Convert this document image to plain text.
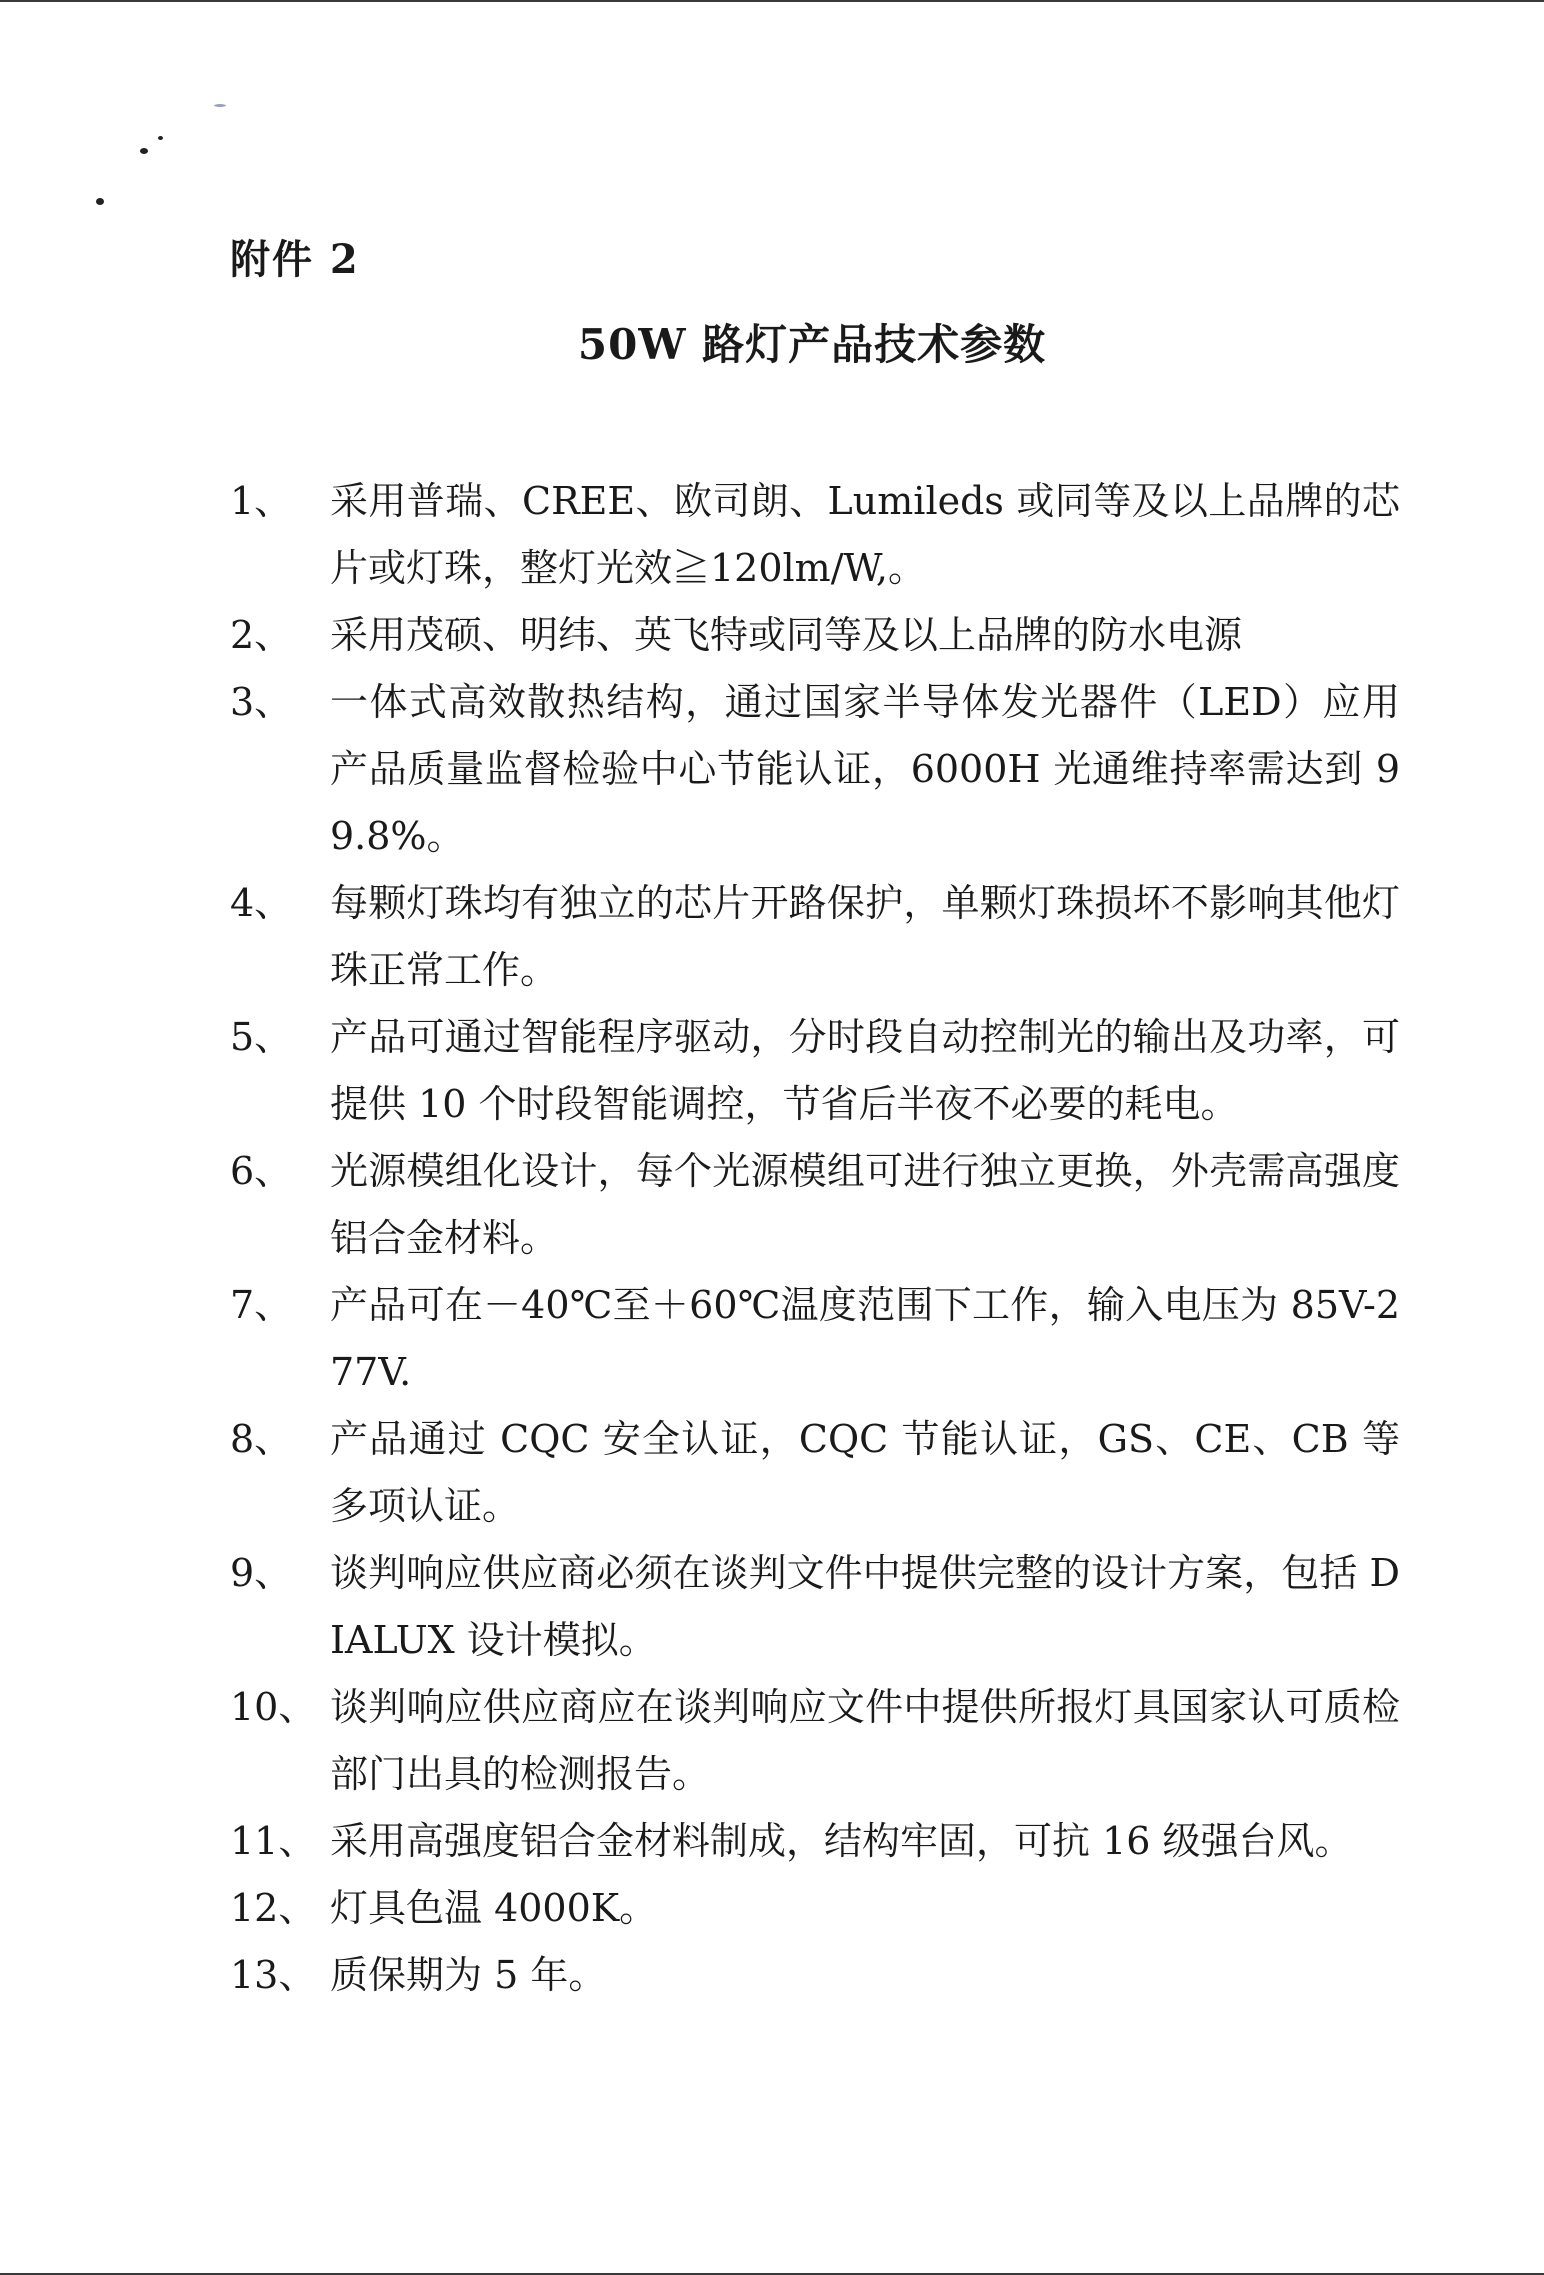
附件 2
50W 路灯产品技术参数
1、 采用普瑞、CREE、欧司朗、Lumileds 或同等及以上品牌的芯片或灯珠，整灯光效≧120lm/W,。
2、 采用茂硕、明纬、英飞特或同等及以上品牌的防水电源
3、 一体式高效散热结构，通过国家半导体发光器件（LED）应用产品质量监督检验中心节能认证，6000H 光通维持率需达到 99.8%。
4、 每颗灯珠均有独立的芯片开路保护，单颗灯珠损坏不影响其他灯珠正常工作。
5、 产品可通过智能程序驱动，分时段自动控制光的输出及功率，可提供 10 个时段智能调控，节省后半夜不必要的耗电。
6、 光源模组化设计，每个光源模组可进行独立更换，外壳需高强度铝合金材料。
7、 产品可在－40℃至＋60℃温度范围下工作，输入电压为 85V-277V.
8、 产品通过 CQC 安全认证，CQC 节能认证，GS、CE、CB 等多项认证。
9、 谈判响应供应商必须在谈判文件中提供完整的设计方案，包括 DIALUX 设计模拟。
10、 谈判响应供应商应在谈判响应文件中提供所报灯具国家认可质检部门出具的检测报告。
11、 采用高强度铝合金材料制成，结构牢固，可抗 16 级强台风。
12、 灯具色温 4000K。
13、 质保期为 5 年。
